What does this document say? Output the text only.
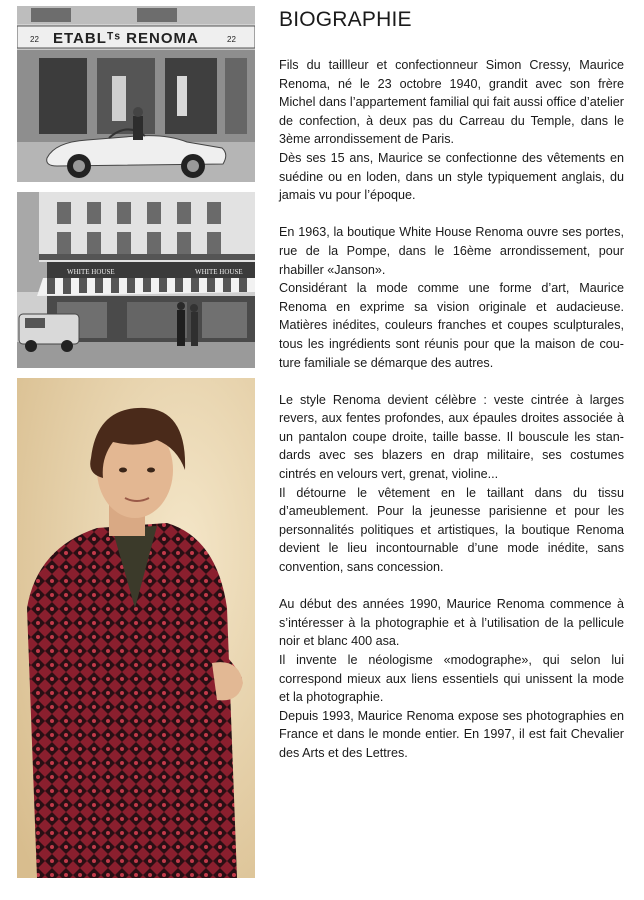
BIOGRAPHIE
22 ETABLᵀˢ RENOMA	22
WHITE HOUSE	WHITE HOUSE

Fils du taillleur et confectionneur Simon Cressy, Maurice Renoma, né le 23 octobre 1940, grandit avec son frère Michel dans l’appartement familial qui fait aussi office d’atelier de confection, à deux pas du Carreau du Temple, dans le 3ème arrondissement de Paris.

Dès ses 15 ans, Maurice se confectionne des vêtements en suédine ou en loden, dans un style typiquement anglais, du jamais vu pour l’époque.

En 1963, la boutique White House Renoma ouvre ses portes, rue de la Pompe, dans le 16ème arrondissement, pour rhabiller «Janson».

Considérant la mode comme une forme d’art, Maurice Renoma en exprime sa vision originale et audacieuse. Matières inédites, couleurs franches et coupes sculpturales, tous les ingrédients sont réunis pour que la maison de couture familiale se démarque des autres.

Le style Renoma devient célèbre : veste cintrée à larges revers, aux fentes profondes, aux épaules droites associée à un pantalon coupe droite, taille basse. Il bouscule les standards avec ses blazers en drap militaire, ses costumes cintrés en velours vert, grenat, violine...

Il détourne le vêtement en le taillant dans du tissu d’ameublement. Pour la jeunesse parisienne et pour les personnalités politiques et artistiques, la boutique Renoma devient le lieu incontournable d’une mode inédite, sans convention, sans concession.

Au début des années 1990, Maurice Renoma commence à s’intéresser à la photographie et à l’utilisation de la pellicule noir et blanc 400 asa.

Il invente le néologisme «modographe», qui selon lui correspond mieux aux liens essentiels qui unissent la mode et la photographie.

Depuis 1993, Maurice Renoma expose ses photographies en France et dans le monde entier. En 1997, il est fait Chevalier des Arts et des Lettres.
